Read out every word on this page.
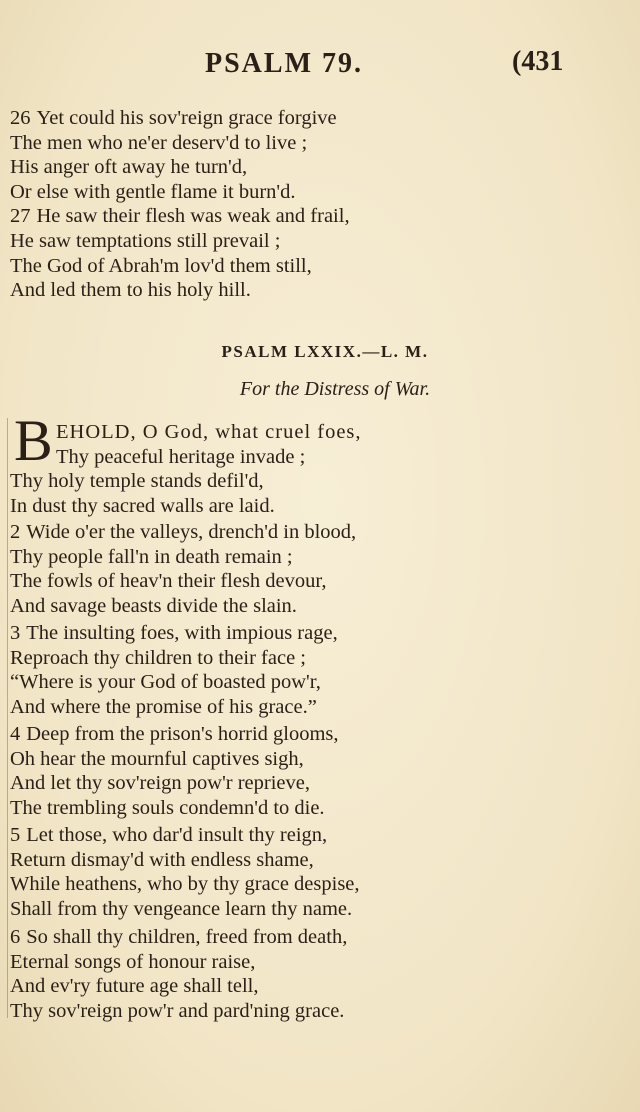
PSALM 79.	(431
26 Yet could his sov'reign grace forgive
The men who ne'er deserv'd to live ;
His anger oft away he turn'd,
Or else with gentle flame it burn'd.
27 He saw their flesh was weak and frail,
He saw temptations still prevail ;
The God of Abrah'm lov'd them still,
And led them to his holy hill.
PSALM LXXIX.—L. M.
For the Distress of War.
B EHOLD, O God, what cruel foes,
Thy peaceful heritage invade ;
Thy holy temple stands defil'd,
In dust thy sacred walls are laid.
2 Wide o'er the valleys, drench'd in blood,
Thy people fall'n in death remain ;
The fowls of heav'n their flesh devour,
And savage beasts divide the slain.
3 The insulting foes, with impious rage,
Reproach thy children to their face ;
“Where is your God of boasted pow'r,
And where the promise of his grace.”
4 Deep from the prison's horrid glooms,
Oh hear the mournful captives sigh,
And let thy sov'reign pow'r reprieve,
The trembling souls condemn'd to die.
5 Let those, who dar'd insult thy reign,
Return dismay'd with endless shame,
While heathens, who by thy grace despise,
Shall from thy vengeance learn thy name.
6 So shall thy children, freed from death,
Eternal songs of honour raise,
And ev'ry future age shall tell,
Thy sov'reign pow'r and pard'ning grace.
